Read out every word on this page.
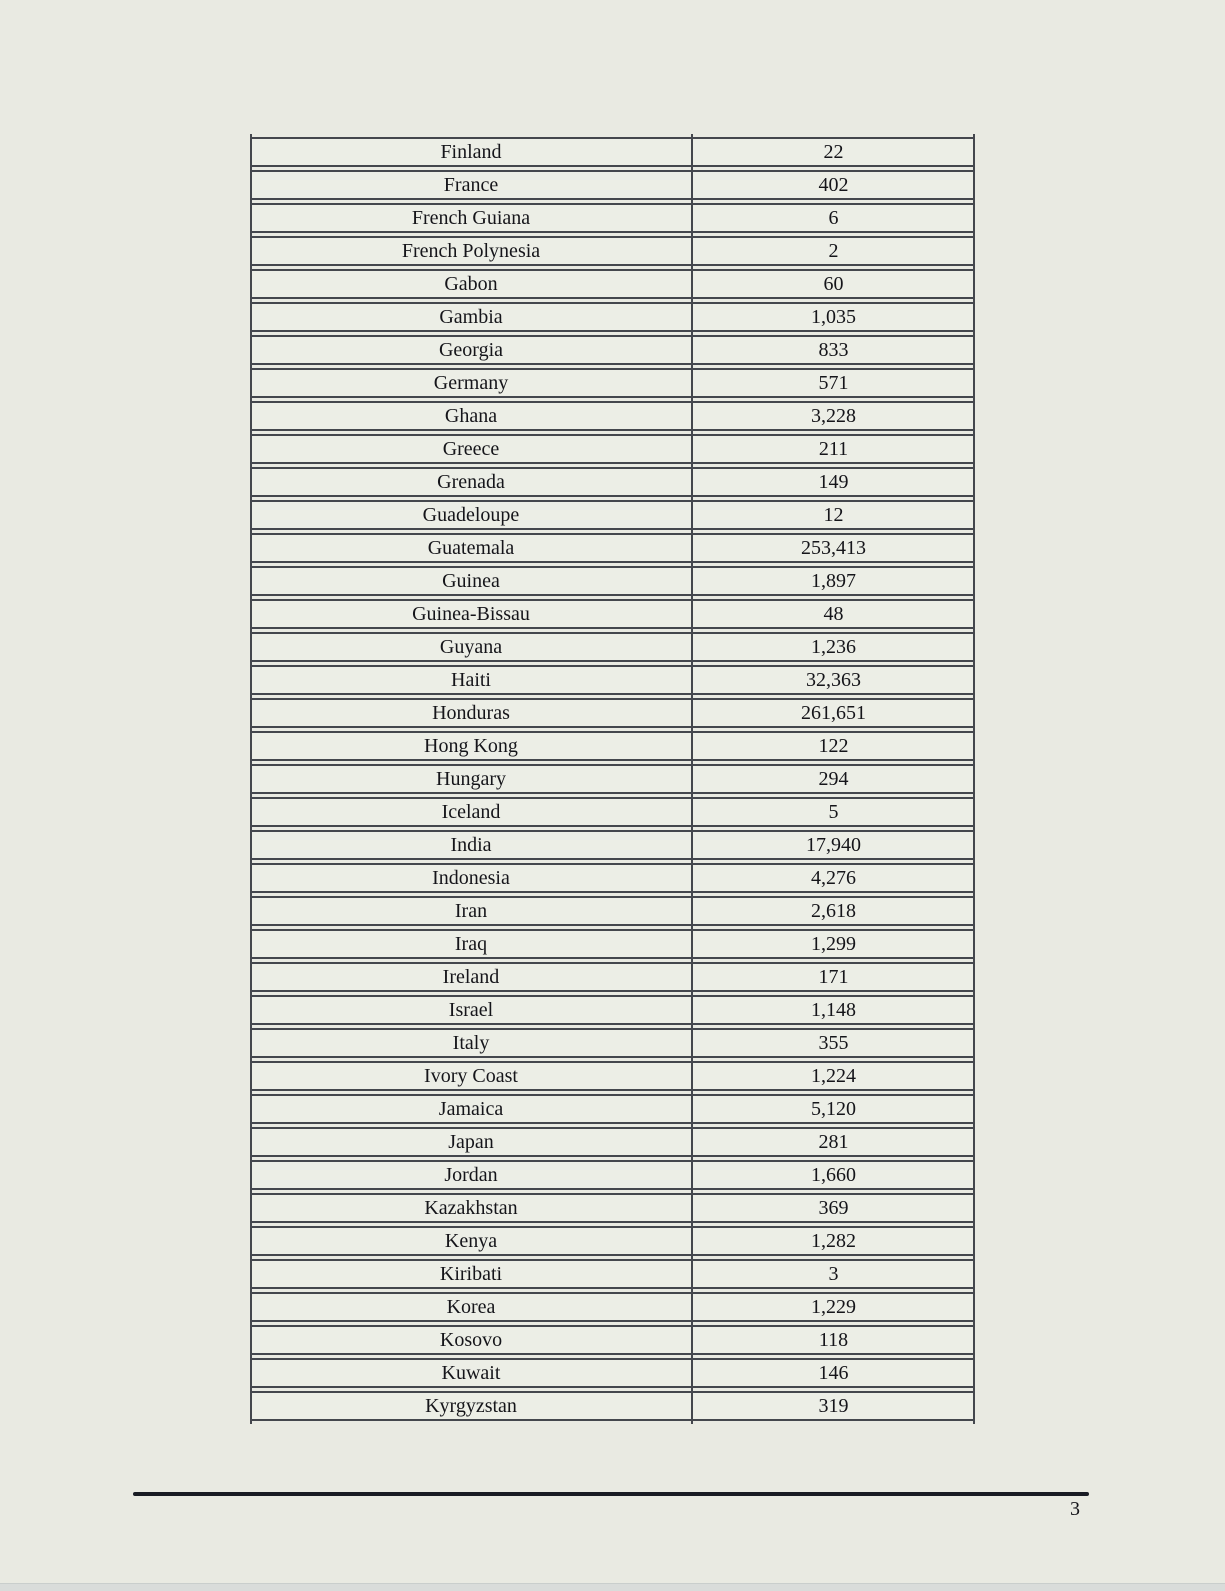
Finland	22
France	402
French Guiana	6
French Polynesia	2
Gabon	60
Gambia	1,035
Georgia	833
Germany	571
Ghana	3,228
Greece	211
Grenada	149
Guadeloupe	12
Guatemala	253,413
Guinea	1,897
Guinea-Bissau	48
Guyana	1,236
Haiti	32,363
Honduras	261,651
Hong Kong	122
Hungary	294
Iceland	5
India	17,940
Indonesia	4,276
Iran	2,618
Iraq	1,299
Ireland	171
Israel	1,148
Italy	355
Ivory Coast	1,224
Jamaica	5,120
Japan	281
Jordan	1,660
Kazakhstan	369
Kenya	1,282
Kiribati	3
Korea	1,229
Kosovo	118
Kuwait	146
Kyrgyzstan	319
3
